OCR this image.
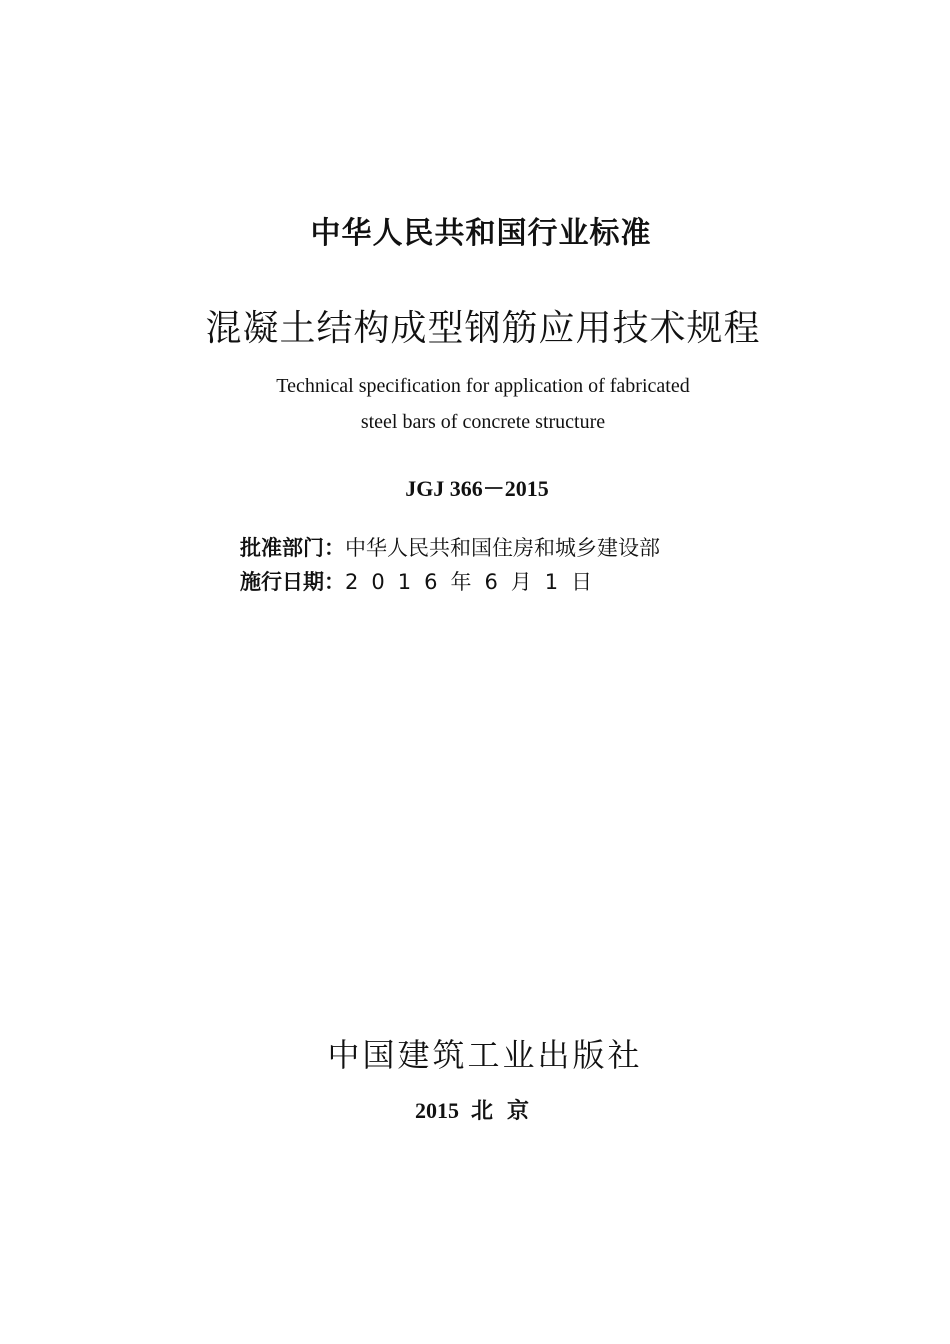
中华人民共和国行业标准
混凝土结构成型钢筋应用技术规程
Technical specification for application of fabricated
steel bars of concrete structure
JGJ 366－2015
批准部门：中华人民共和国住房和城乡建设部
施行日期：2016年6月1日
中国建筑工业出版社
2015 北京
